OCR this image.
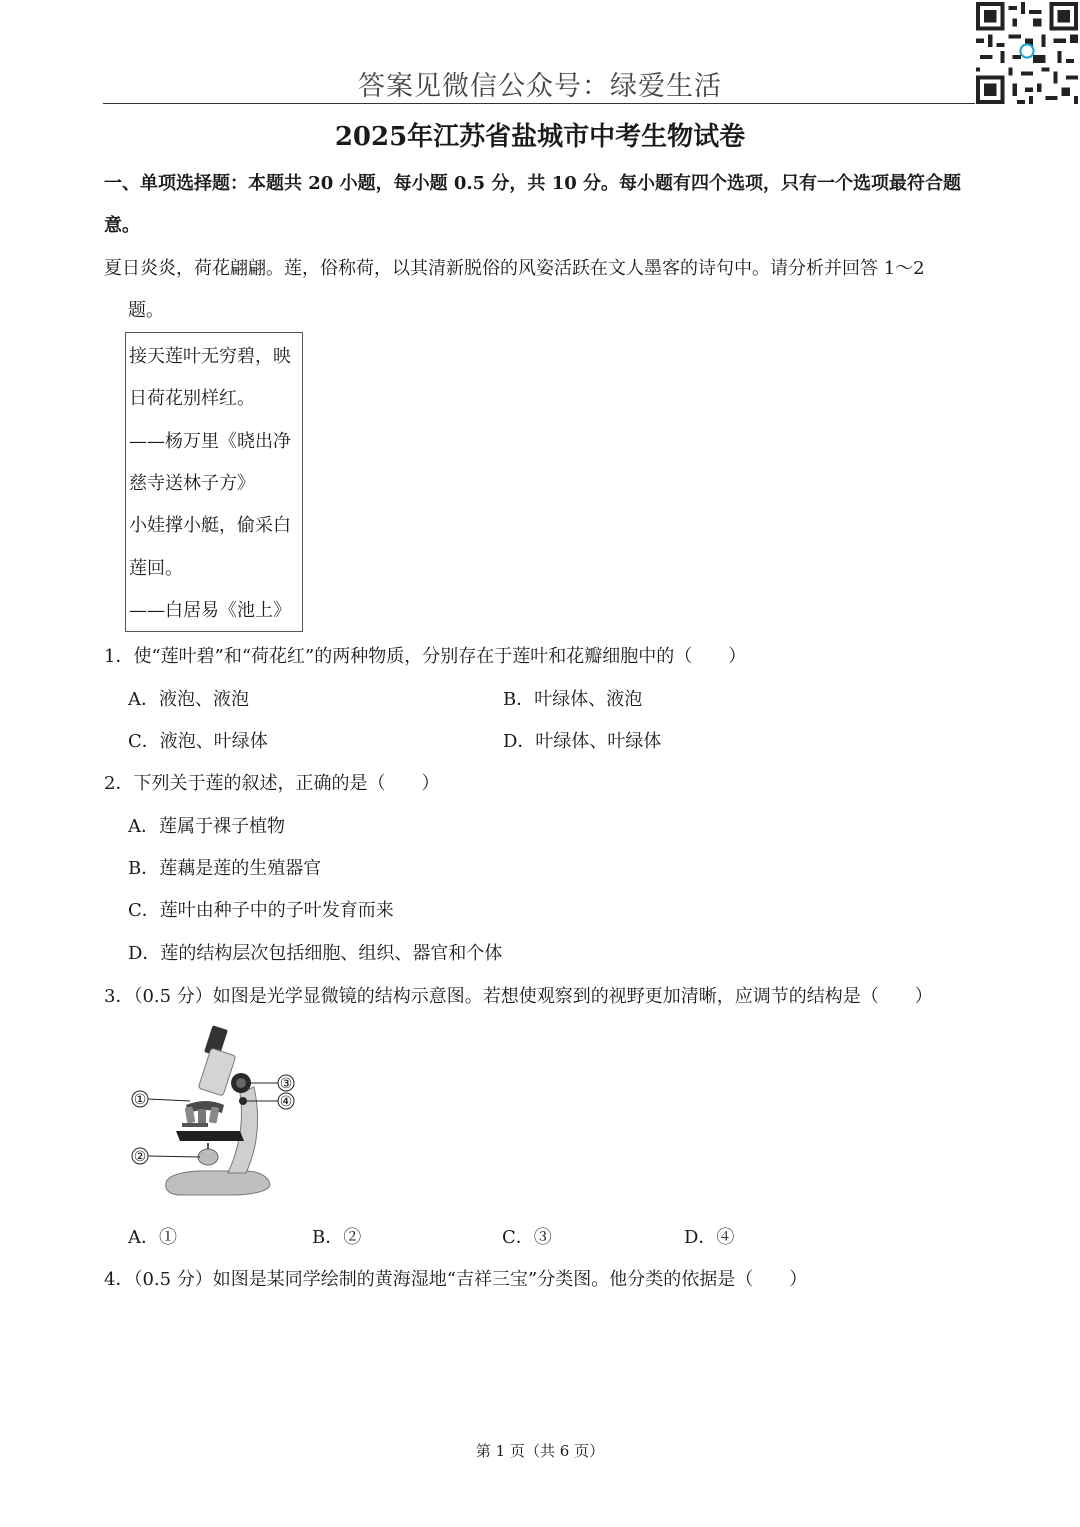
答案见微信公众号：绿爱生活
2025年江苏省盐城市中考生物试卷
一、单项选择题：本题共 20 小题，每小题 0.5 分，共 10 分。每小题有四个选项，只有一个选项最符合题
意。
夏日炎炎，荷花翩翩。莲，俗称荷，以其清新脱俗的风姿活跃在文人墨客的诗句中。请分析并回答 1～2
题。
接天莲叶无穷碧，映
日荷花别样红。
——杨万里《晓出净
慈寺送林子方》
小娃撑小艇，偷采白
莲回。
——白居易《池上》
1．使“莲叶碧”和“荷花红”的两种物质，分别存在于莲叶和花瓣细胞中的（　　）
A．液泡、液泡	B．叶绿体、液泡
C．液泡、叶绿体	D．叶绿体、叶绿体
2．下列关于莲的叙述，正确的是（　　）
A．莲属于裸子植物
B．莲藕是莲的生殖器官
C．莲叶由种子中的子叶发育而来
D．莲的结构层次包括细胞、组织、器官和个体
3．（0.5 分）如图是光学显微镜的结构示意图。若想使观察到的视野更加清晰，应调节的结构是（　　）
①
②
③
④
A．①	B．②	C．③	D．④
4．（0.5 分）如图是某同学绘制的黄海湿地“吉祥三宝”分类图。他分类的依据是（　　）
第 1 页（共 6 页）
